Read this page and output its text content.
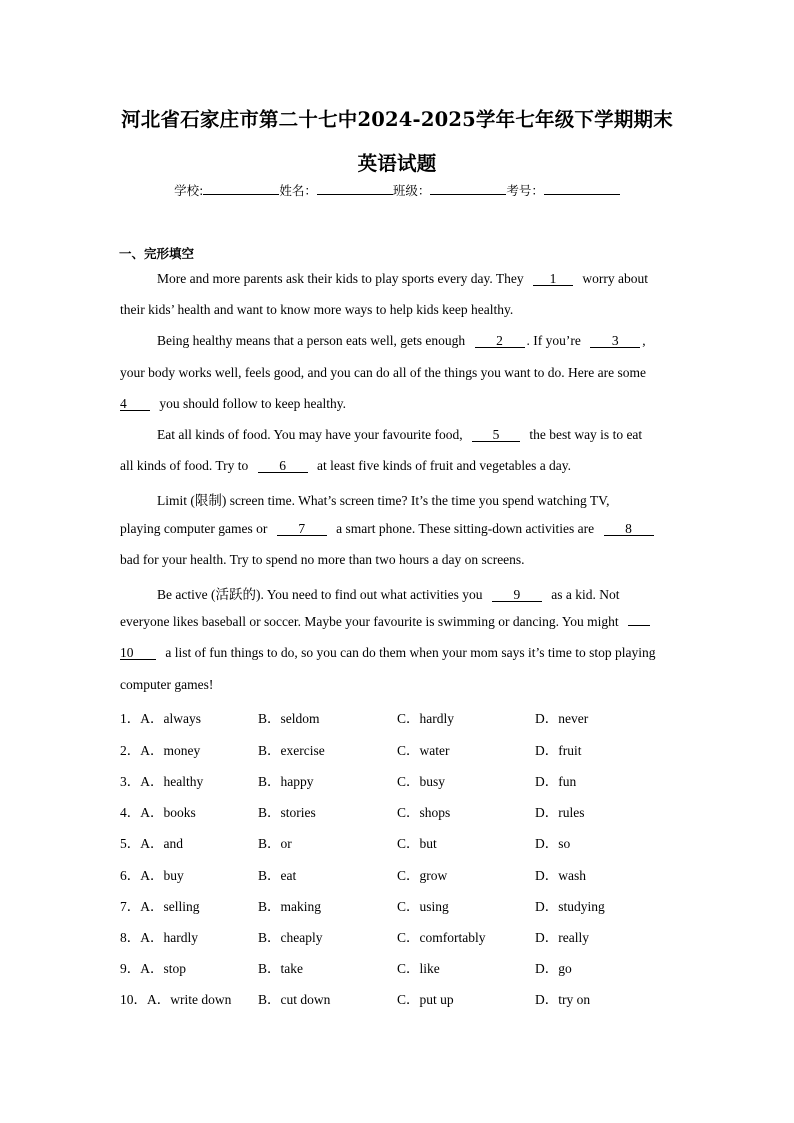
河北省石家庄市第二十七中2024-2025学年七年级下学期期末
英语试题
学校:	姓名：	班级：	考号：
一、完形填空
More and more parents ask their kids to play sports every day. They 1 worry about
their kids’ health and want to know more ways to help kids keep healthy.
Being healthy means that a person eats well, gets enough 2 . If you’re 3 ,
your body works well, feels good, and you can do all of the things you want to do. Here are some
4 you should follow to keep healthy.
Eat all kinds of food. You may have your favourite food, 5 the best way is to eat
all kinds of food. Try to 6 at least five kinds of fruit and vegetables a day.
Limit (限制) screen time. What’s screen time? It’s the time you spend watching TV,
playing computer games or 7 a smart phone. These sitting-down activities are 8
bad for your health. Try to spend no more than two hours a day on screens.
Be active (活跃的). You need to find out what activities you 9 as a kid. Not
everyone likes baseball or soccer. Maybe your favourite is swimming or dancing. You might
10 a list of fun things to do, so you can do them when your mom says it’s time to stop playing
computer games!
1．A．always	B．seldom	C．hardly	D．never
2．A．money	B．exercise	C．water	D．fruit
3．A．healthy	B．happy	C．busy	D．fun
4．A．books	B．stories	C．shops	D．rules
5．A．and	B．or	C．but	D．so
6．A．buy	B．eat	C．grow	D．wash
7．A．selling	B．making	C．using	D．studying
8．A．hardly	B．cheaply	C．comfortably	D．really
9．A．stop	B．take	C．like	D．go
10．A．write down B．cut down	C．put up	D．try on
